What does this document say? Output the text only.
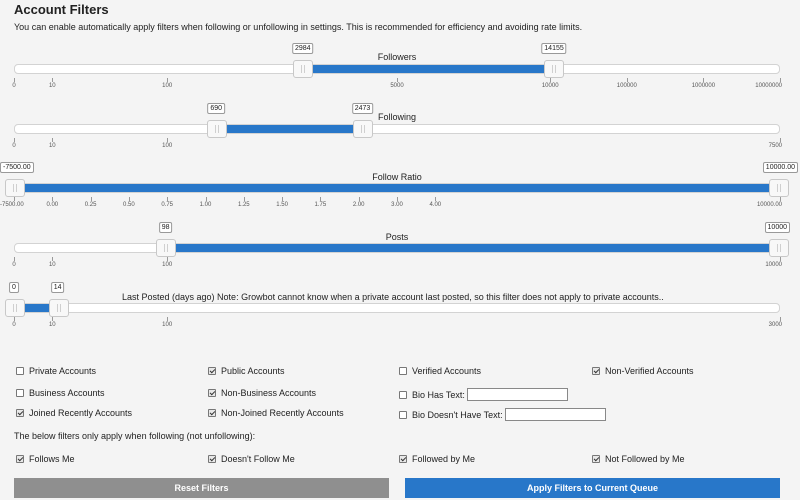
Account Filters
You can enable automatically apply filters when following or unfollowing in settings. This is recommended for efficiency and avoiding rate limits.
Followers
2984	14155
0	10	100	5000	10000	100000	1000000	10000000
Following
690	2473
0	10	100	7500
Follow Ratio
-7500.00	10000.00
-7500.00	0.00	0.25	0.50	0.75	1.00	1.25	1.50	1.75	2.00	3.00	4.00	10000.00
Posts
98	10000
0	10	100	10000
Last Posted (days ago) Note: Growbot cannot know when a private account last posted, so this filter does not apply to private accounts..
0	14
0	10	100	3000
Private Accounts	Public Accounts	Verified Accounts	Non-Verified Accounts
Business Accounts	Non-Business Accounts	Bio Has Text:
Joined Recently Accounts	Non-Joined Recently Accounts	Bio Doesn't Have Text:
The below filters only apply when following (not unfollowing):
Follows Me	Doesn't Follow Me	Followed by Me	Not Followed by Me
Reset Filters	Apply Filters to Current Queue
